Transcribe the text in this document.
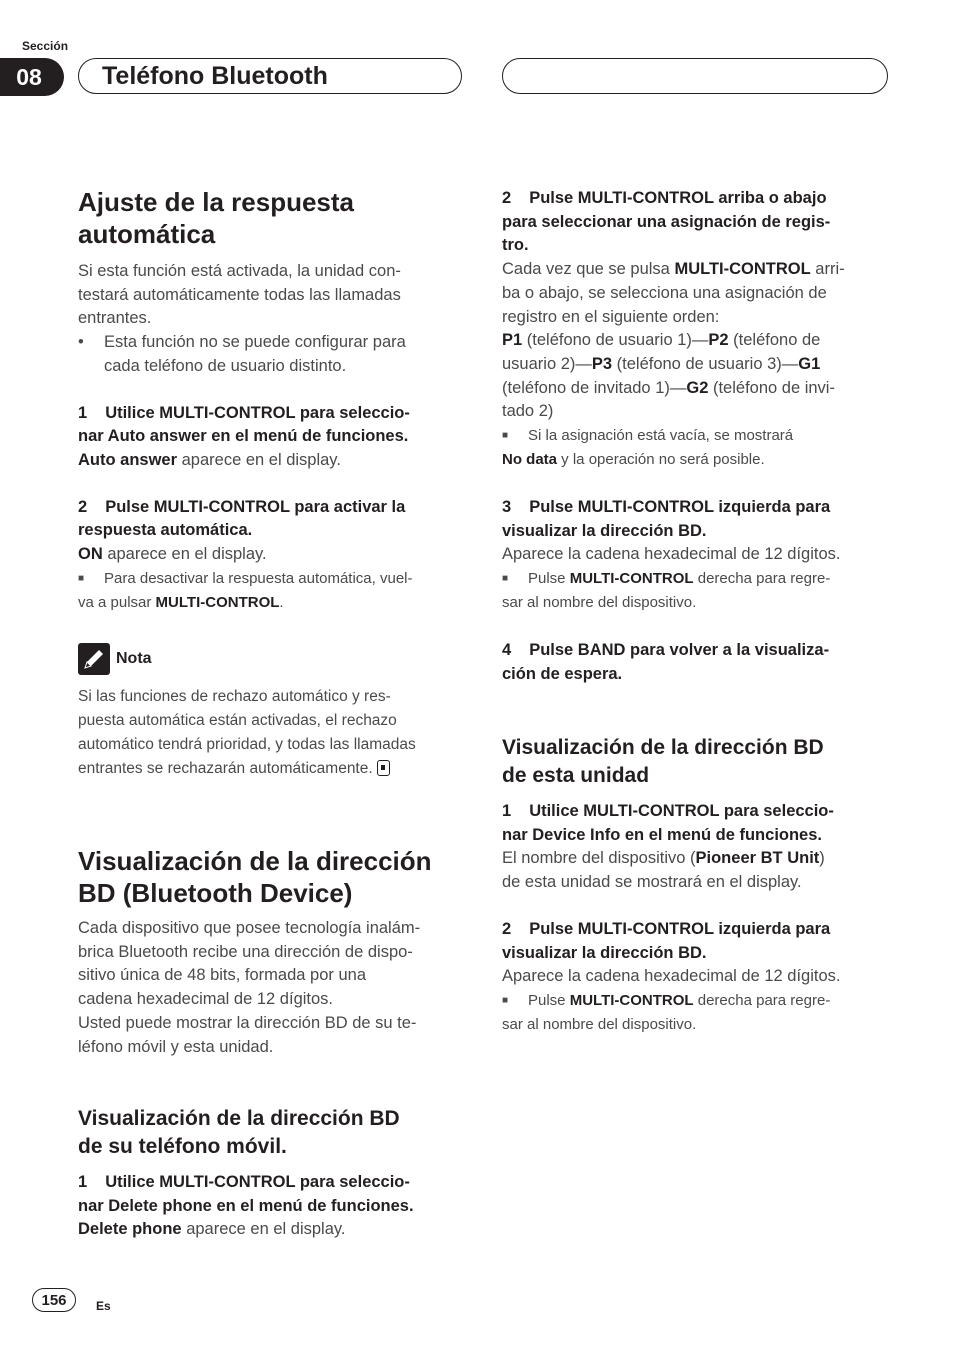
Sección
08	Teléfono Bluetooth
Ajuste de la respuesta
automática

Si esta función está activada, la unidad con-
testará automáticamente todas las llamadas
entrantes.

• Esta función no se puede configurar para
cada teléfono de usuario distinto.

1 Utilice MULTI-CONTROL para seleccio-
nar Auto answer en el menú de funciones.

Auto answer aparece en el display.

2 Pulse MULTI-CONTROL para activar la
respuesta automática.

ON aparece en el display.

■ Para desactivar la respuesta automática, vuel-
va a pulsar MULTI-CONTROL.

Nota

Si las funciones de rechazo automático y res-
puesta automática están activadas, el rechazo
automático tendrá prioridad, y todas las llamadas
entrantes se rechazarán automáticamente.

Visualización de la dirección
BD (Bluetooth Device)

Cada dispositivo que posee tecnología inalám-
brica Bluetooth recibe una dirección de dispo-
sitivo única de 48 bits, formada por una
cadena hexadecimal de 12 dígitos.
Usted puede mostrar la dirección BD de su te-
léfono móvil y esta unidad.

Visualización de la dirección BD
de su teléfono móvil.

1 Utilice MULTI-CONTROL para seleccio-
nar Delete phone en el menú de funciones.

Delete phone aparece en el display.

2 Pulse MULTI-CONTROL arriba o abajo
para seleccionar una asignación de regis-
tro.

Cada vez que se pulsa MULTI-CONTROL arri-
ba o abajo, se selecciona una asignación de
registro en el siguiente orden:
P1 (teléfono de usuario 1)—P2 (teléfono de
usuario 2)—P3 (teléfono de usuario 3)—G1
(teléfono de invitado 1)—G2 (teléfono de invi-
tado 2)

■ Si la asignación está vacía, se mostrará
No data y la operación no será posible.

3 Pulse MULTI-CONTROL izquierda para
visualizar la dirección BD.

Aparece la cadena hexadecimal de 12 dígitos.

■ Pulse MULTI-CONTROL derecha para regre-
sar al nombre del dispositivo.

4 Pulse BAND para volver a la visualiza-
ción de espera.

Visualización de la dirección BD
de esta unidad

1 Utilice MULTI-CONTROL para seleccio-
nar Device Info en el menú de funciones.

El nombre del dispositivo (Pioneer BT Unit)
de esta unidad se mostrará en el display.

2 Pulse MULTI-CONTROL izquierda para
visualizar la dirección BD.

Aparece la cadena hexadecimal de 12 dígitos.

■ Pulse MULTI-CONTROL derecha para regre-
sar al nombre del dispositivo.

156	Es
